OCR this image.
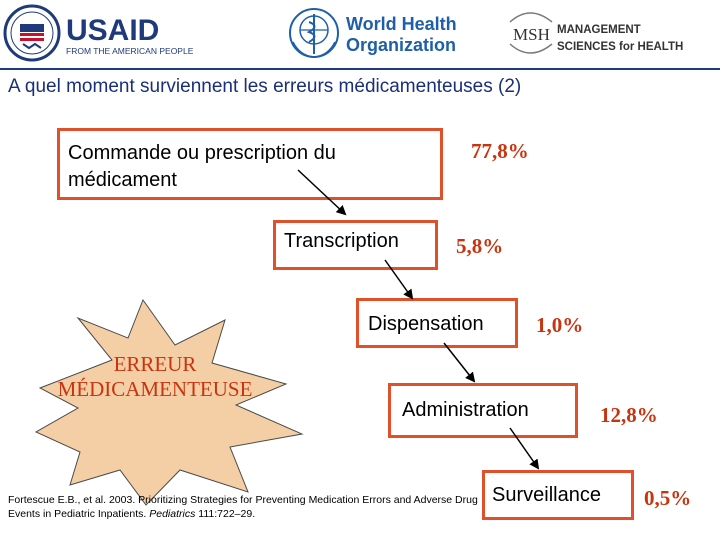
USAID
FROM THE AMERICAN PEOPLE
World Health
Organization
MSH MANAGEMENT
SCIENCES for HEALTH
A quel moment surviennent les erreurs médicamenteuses (2)
ERREUR
MÉDICAMENTEUSE
Commande ou prescription du médicament
77,8%
Transcription	5,8%
Dispensation 1,0%
Administration	12,8%
Surveillance 0,5%
Fortescue E.B., et al. 2003. Prioritizing Strategies for Preventing Medication Errors and Adverse Drug Events in Pediatric Inpatients. Pediatrics 111:722–29.
